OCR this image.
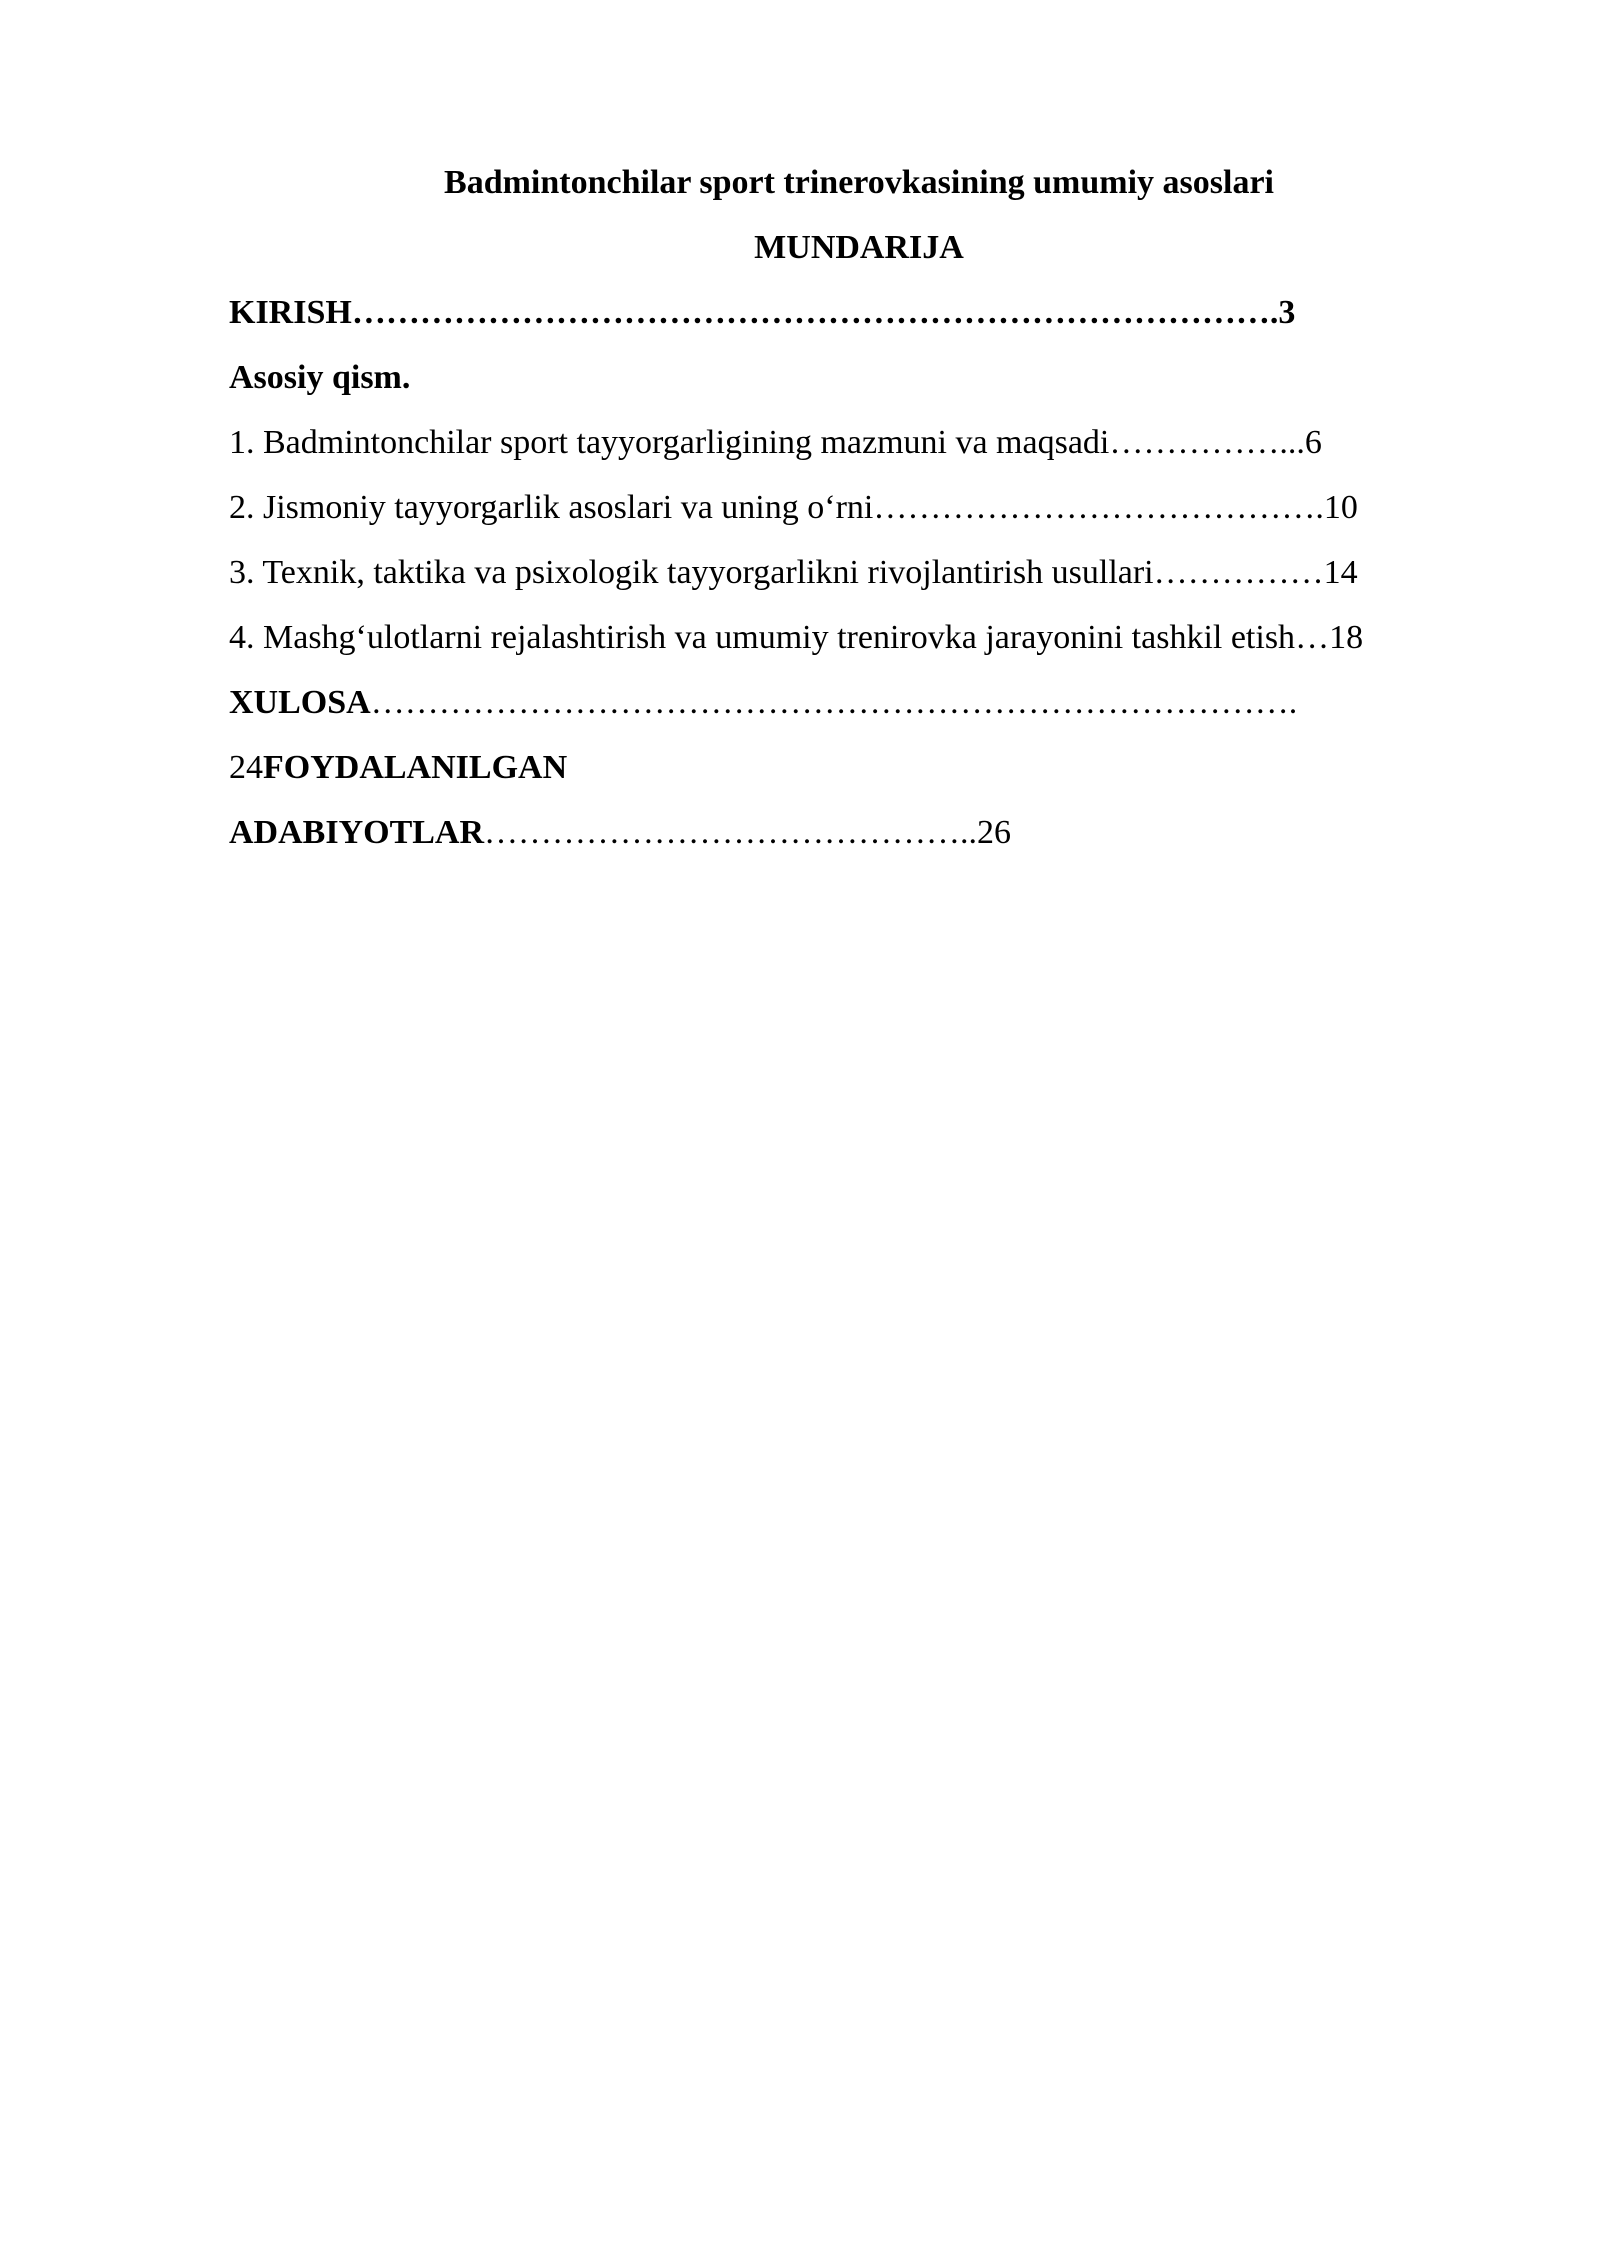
Badmintonchilar sport trinerovkasining umumiy asoslari
MUNDARIJA
KIRISH……………………………………………………………………….3
Asosiy qism.
1. Badmintonchilar sport tayyorgarligining mazmuni va maqsadi……………...6
2. Jismoniy tayyorgarlik asoslari va uning o‘rni………………………………….10
3. Texnik, taktika va psixologik tayyorgarlikni rivojlantirish usullari……………14
4. Mashg‘ulotlarni rejalashtirish va umumiy trenirovka jarayonini tashkil etish…18
XULOSA……………………………………………………………………….
24FOYDALANILGAN
ADABIYOTLAR……………………………………..26
